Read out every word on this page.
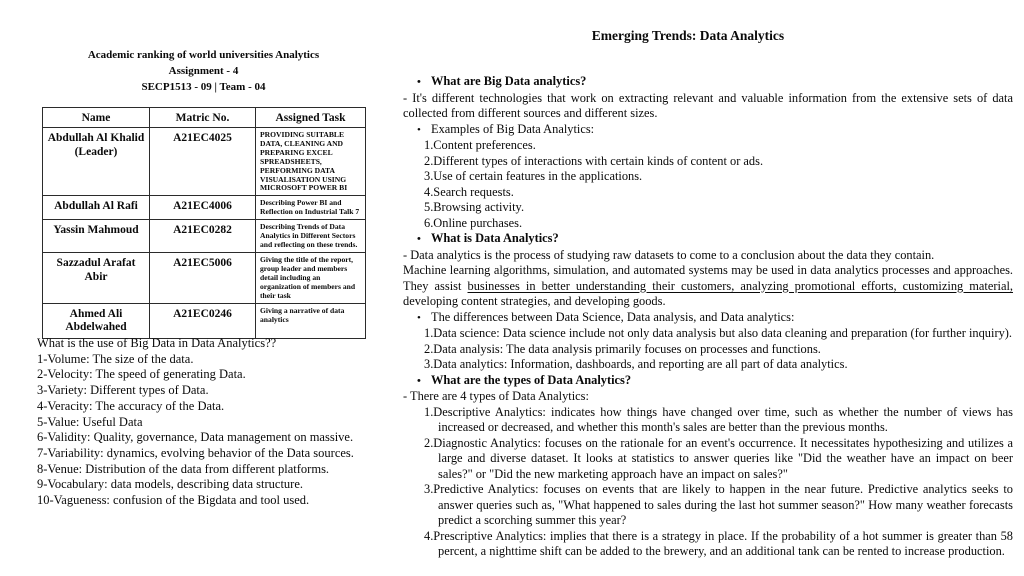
Academic ranking of world universities Analytics
Assignment - 4
SECP1513 - 09 | Team - 04
Name	Matric No.	Assigned Task
Abdullah Al Khalid (Leader)	A21EC4025	PROVIDING SUITABLE DATA, CLEANING AND PREPARING EXCEL SPREADSHEETS, PERFORMING DATA VISUALISATION USING MICROSOFT POWER BI
Abdullah Al Rafi	A21EC4006	Describing Power BI and Reflection on Industrial Talk 7
Yassin Mahmoud	A21EC0282	Describing Trends of Data Analytics in Different Sectors and reflecting on these trends.
Sazzadul Arafat Abir	A21EC5006	Giving the title of the report, group leader and members detail including an organization of members and their task
Ahmed Ali Abdelwahed	A21EC0246	Giving a narrative of data analytics
What is the use of Big Data in Data Analytics??
1-Volume: The size of the data.
2-Velocity: The speed of generating Data.
3-Variety: Different types of Data.
4-Veracity: The accuracy of the Data.
5-Value: Useful Data
6-Validity: Quality, governance, Data management on massive.
7-Variability: dynamics, evolving behavior of the Data sources.
8-Venue: Distribution of the data from different platforms.
9-Vocabulary: data models, describing data structure.
10-Vagueness: confusion of the Bigdata and tool used.
Emerging Trends: Data Analytics
• What are Big Data analytics?
- It's different technologies that work on extracting relevant and valuable information from the extensive sets of data collected from different sources and different sizes.
• Examples of Big Data Analytics:
1.Content preferences.
2.Different types of interactions with certain kinds of content or ads.
3.Use of certain features in the applications.
4.Search requests.
5.Browsing activity.
6.Online purchases.
• What is Data Analytics?
- Data analytics is the process of studying raw datasets to come to a conclusion about the data they contain.
Machine learning algorithms, simulation, and automated systems may be used in data analytics processes and approaches. They assist businesses in better understanding their customers, analyzing promotional efforts, customizing material, developing content strategies, and developing goods.
• The differences between Data Science, Data analysis, and Data analytics:
1.Data science: Data science include not only data analysis but also data cleaning and preparation (for further inquiry).
2.Data analysis: The data analysis primarily focuses on processes and functions.
3.Data analytics: Information, dashboards, and reporting are all part of data analytics.
• What are the types of Data Analytics?
- There are 4 types of Data Analytics:
1.Descriptive Analytics: indicates how things have changed over time, such as whether the number of views has increased or decreased, and whether this month's sales are better than the previous months.
2.Diagnostic Analytics: focuses on the rationale for an event's occurrence. It necessitates hypothesizing and utilizes a large and diverse dataset. It looks at statistics to answer queries like "Did the weather have an impact on beer sales?" or "Did the new marketing approach have an impact on sales?"
3.Predictive Analytics: focuses on events that are likely to happen in the near future. Predictive analytics seeks to answer queries such as, "What happened to sales during the last hot summer season?" How many weather forecasts predict a scorching summer this year?
4.Prescriptive Analytics: implies that there is a strategy in place. If the probability of a hot summer is greater than 58 percent, a nighttime shift can be added to the brewery, and an additional tank can be rented to increase production.
